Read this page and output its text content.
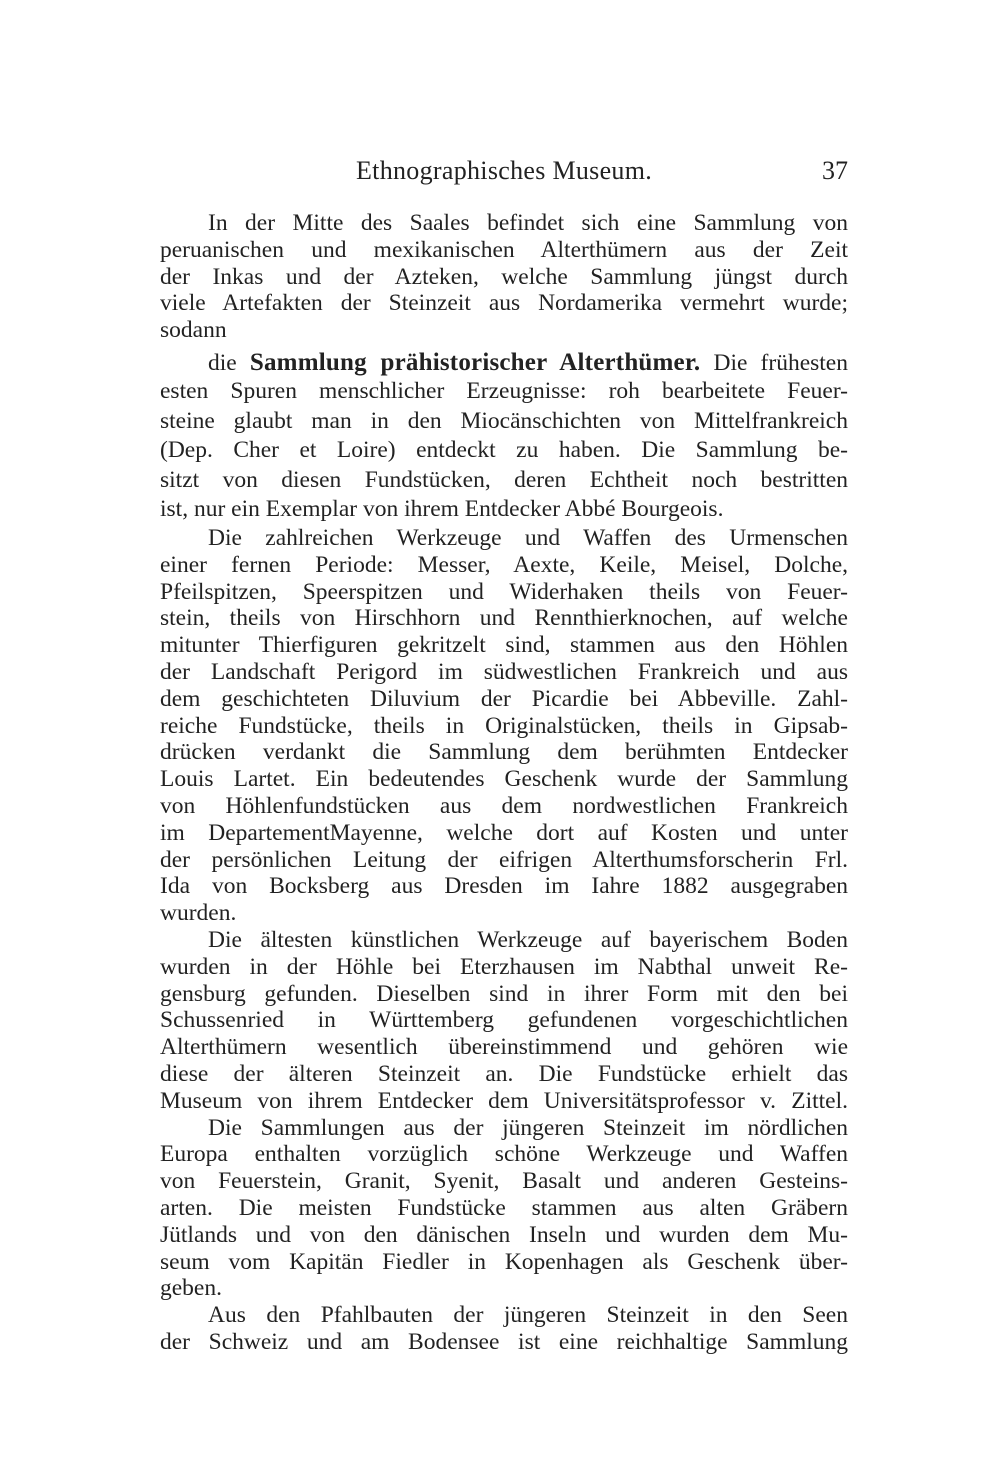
Ethnographisches Museum.	37
In der Mitte des Saales befindet sich eine Sammlung von
peruanischen und mexikanischen Alterthümern aus der Zeit
der Inkas und der Azteken, welche Sammlung jüngst durch
viele Artefakten der Steinzeit aus Nordamerika vermehrt wurde;
sodann
die Sammlung prähistorischer Alterthümer. Die frühesten
esten Spuren menschlicher Erzeugnisse: roh bearbeitete Feuer-
steine glaubt man in den Miocänschichten von Mittelfrankreich
(Dep. Cher et Loire) entdeckt zu haben. Die Sammlung be-
sitzt von diesen Fundstücken, deren Echtheit noch bestritten
ist, nur ein Exemplar von ihrem Entdecker Abbé Bourgeois.
Die zahlreichen Werkzeuge und Waffen des Urmenschen
einer fernen Periode: Messer, Aexte, Keile, Meisel, Dolche,
Pfeilspitzen, Speerspitzen und Widerhaken theils von Feuer-
stein, theils von Hirschhorn und Rennthierknochen, auf welche
mitunter Thierfiguren gekritzelt sind, stammen aus den Höhlen
der Landschaft Perigord im südwestlichen Frankreich und aus
dem geschichteten Diluvium der Picardie bei Abbeville. Zahl-
reiche Fundstücke, theils in Originalstücken, theils in Gipsab-
drücken verdankt die Sammlung dem berühmten Entdecker
Louis Lartet. Ein bedeutendes Geschenk wurde der Sammlung
von Höhlenfundstücken aus dem nordwestlichen Frankreich
im DepartementMayenne, welche dort auf Kosten und unter
der persönlichen Leitung der eifrigen Alterthumsforscherin Frl.
Ida von Bocksberg aus Dresden im Iahre 1882 ausgegraben
wurden.
Die ältesten künstlichen Werkzeuge auf bayerischem Boden
wurden in der Höhle bei Eterzhausen im Nabthal unweit Re-
gensburg gefunden. Dieselben sind in ihrer Form mit den bei
Schussenried in Württemberg gefundenen vorgeschichtlichen
Alterthümern wesentlich übereinstimmend und gehören wie
diese der älteren Steinzeit an. Die Fundstücke erhielt das
Museum von ihrem Entdecker dem Universitätsprofessor v. Zittel.
Die Sammlungen aus der jüngeren Steinzeit im nördlichen
Europa enthalten vorzüglich schöne Werkzeuge und Waffen
von Feuerstein, Granit, Syenit, Basalt und anderen Gesteins-
arten. Die meisten Fundstücke stammen aus alten Gräbern
Jütlands und von den dänischen Inseln und wurden dem Mu-
seum vom Kapitän Fiedler in Kopenhagen als Geschenk über-
geben.
Aus den Pfahlbauten der jüngeren Steinzeit in den Seen
der Schweiz und am Bodensee ist eine reichhaltige Sammlung
